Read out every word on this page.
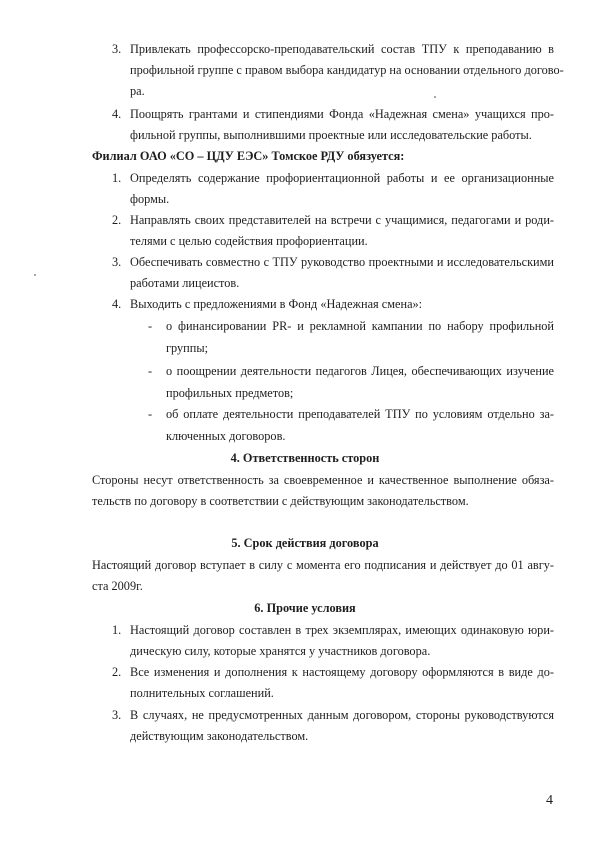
3. Привлекать профессорско-преподавательский состав ТПУ к преподаванию в
профильной группе с правом выбора кандидатур на основании отдельного догово-
ра.
4. Поощрять грантами и стипендиями Фонда «Надежная смена» учащихся про-
фильной группы, выполнившими проектные или исследовательские работы.
Филиал ОАО «СО – ЦДУ ЕЭС» Томское РДУ обязуется:
1. Определять содержание профориентационной работы и ее организационные
формы.
2. Направлять своих представителей на встречи с учащимися, педагогами и роди-
телями с целью содействия профориентации.
3. Обеспечивать совместно с ТПУ руководство проектными и исследовательскими
работами лицеистов.
4. Выходить с предложениями в Фонд «Надежная смена»:
- о финансировании PR- и рекламной кампании по набору профильной
группы;
- о поощрении деятельности педагогов Лицея, обеспечивающих изучение
профильных предметов;
- об оплате деятельности преподавателей ТПУ по условиям отдельно за-
ключенных договоров.
4. Ответственность сторон
Стороны несут ответственность за своевременное и качественное выполнение обяза-
тельств по договору в соответствии с действующим законодательством.
5. Срок действия договора
Настоящий договор вступает в силу с момента его подписания и действует до 01 авгу-
ста 2009г.
6. Прочие условия
1. Настоящий договор составлен в трех экземплярах, имеющих одинаковую юри-
дическую силу, которые хранятся у участников договора.
2. Все изменения и дополнения к настоящему договору оформляются в виде до-
полнительных соглашений.
3. В случаях, не предусмотренных данным договором, стороны руководствуются
действующим законодательством.
4
